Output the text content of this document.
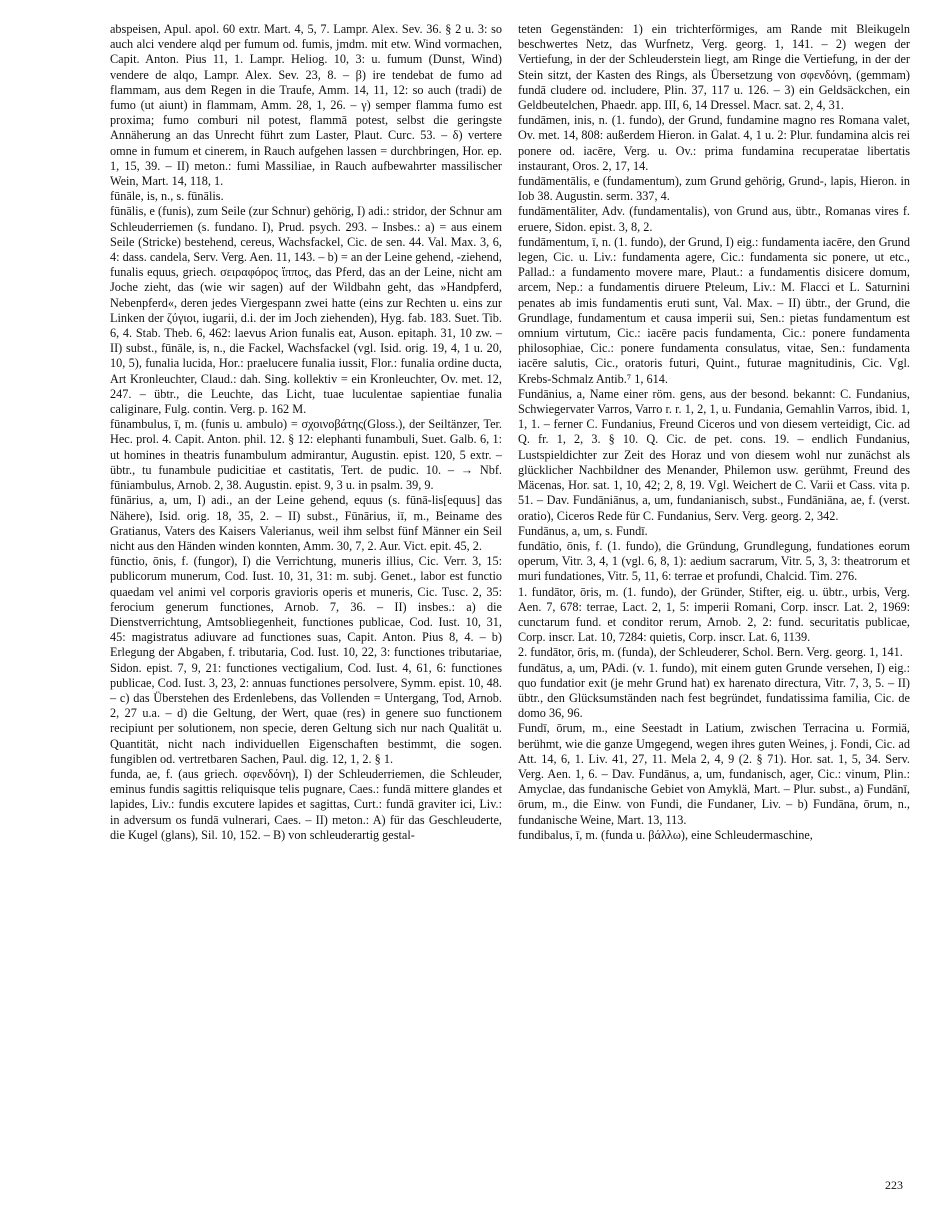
abspeisen, Apul. apol. 60 extr. Mart. 4, 5, 7. Lampr. Alex. Sev. 36. § 2 u. 3: so auch alci vendere alqd per fumum od. fumis, jmdm. mit etw. Wind vormachen, Capit. Anton. Pius 11, 1. Lampr. Heliog. 10, 3: u. fumum (Dunst, Wind) vendere de alqo, Lampr. Alex. Sev. 23, 8. – β) ire tendebat de fumo ad flammam, aus dem Regen in die Traufe, Amm. 14, 11, 12: so auch (tradi) de fumo (ut aiunt) in flammam, Amm. 28, 1, 26. – γ) semper flamma fumo est proxima; fumo comburi nil potest, flammā potest, selbst die geringste Annäherung an das Unrecht führt zum Laster, Plaut. Curc. 53. – δ) vertere omne in fumum et cinerem, in Rauch aufgehen lassen = durchbringen, Hor. ep. 1, 15, 39. – II) meton.: fumi Massiliae, in Rauch aufbewahrter massilischer Wein, Mart. 14, 118, 1.

fūnāle, is, n., s. fūnālis.

fūnālis, e (funis), zum Seile (zur Schnur) gehörig, I) adi.: stridor, der Schnur am Schleuderriemen (s. fundano. I), Prud. psych. 293. – Insbes.: a) = aus einem Seile (Stricke) bestehend, cereus, Wachsfackel, Cic. de sen. 44. Val. Max. 3, 6, 4: dass. candela, Serv. Verg. Aen. 11, 143. – b) = an der Leine gehend, -ziehend, funalis equus, griech. σειραφόρος ἵππος, das Pferd, das an der Leine, nicht am Joche zieht, das (wie wir sagen) auf der Wildbahn geht, das »Handpferd, Nebenpferd«, deren jedes Viergespann zwei hatte (eins zur Rechten u. eins zur Linken der ζύγιοι, iugarii, d.i. der im Joch ziehenden), Hyg. fab. 183. Suet. Tib. 6, 4. Stab. Theb. 6, 462: laevus Arion funalis eat, Auson. epitaph. 31, 10 zw. – II) subst., fūnāle, is, n., die Fackel, Wachsfackel (vgl. Isid. orig. 19, 4, 1 u. 20, 10, 5), funalia lucida, Hor.: praelucere funalia iussit, Flor.: funalia ordine ducta, Art Kronleuchter, Claud.: dah. Sing. kollektiv = ein Kronleuchter, Ov. met. 12, 247. – übtr., die Leuchte, das Licht, tuae luculentae sapientiae funalia caliginare, Fulg. contin. Verg. p. 162 M.

fūnambulus, ī, m. (funis u. ambulo) = σχοινοβάτης(Gloss.), der Seiltänzer, Ter. Hec. prol. 4. Capit. Anton. phil. 12. § 12: elephanti funambuli, Suet. Galb. 6, 1: ut homines in theatris funambulum admirantur, Augustin. epist. 120, 5 extr. – übtr., tu funambule pudicitiae et castitatis, Tert. de pudic. 10. – → Nbf. fūniambulus, Arnob. 2, 38. Augustin. epist. 9, 3 u. in psalm. 39, 9.

fūnārius, a, um, I) adi., an der Leine gehend, equus (s. fūnā-lis[equus] das Nähere), Isid. orig. 18, 35, 2. – II) subst., Fūnārius, iī, m., Beiname des Gratianus, Vaters des Kaisers Valerianus, weil ihm selbst fünf Männer ein Seil nicht aus den Händen winden konnten, Amm. 30, 7, 2. Aur. Vict. epit. 45, 2.

fūnctio, ōnis, f. (fungor), I) die Verrichtung, muneris illius, Cic. Verr. 3, 15: publicorum munerum, Cod. Iust. 10, 31, 31: m. subj. Genet., labor est functio quaedam vel animi vel corporis gravioris operis et muneris, Cic. Tusc. 2, 35: ferocium generum functiones, Arnob. 7, 36. – II) insbes.: a) die Dienstverrichtung, Amtsobliegenheit, functiones publicae, Cod. Iust. 10, 31, 45: magistratus adiuvare ad functiones suas, Capit. Anton. Pius 8, 4. – b) Erlegung der Abgaben, f. tributaria, Cod. Iust. 10, 22, 3: functiones tributariae, Sidon. epist. 7, 9, 21: functiones vectigalium, Cod. Iust. 4, 61, 6: functiones publicae, Cod. Iust. 3, 23, 2: annuas functiones persolvere, Symm. epist. 10, 48. – c) das Überstehen des Erdenlebens, das Vollenden = Untergang, Tod, Arnob. 2, 27 u.a. – d) die Geltung, der Wert, quae (res) in genere suo functionem recipiunt per solutionem, non specie, deren Geltung sich nur nach Qualität u. Quantität, nicht nach individuellen Eigenschaften bestimmt, die sogen. fungiblen od. vertretbaren Sachen, Paul. dig. 12, 1, 2. § 1.

funda, ae, f. (aus griech. σφενδόνη), I) der Schleuderriemen, die Schleuder, eminus fundis sagittis reliquisque telis pugnare, Caes.: fundā mittere glandes et lapides, Liv.: fundis excutere lapides et sagittas, Curt.: fundā graviter ici, Liv.: in adversum os fundā vulnerari, Caes. – II) meton.: A) für das Geschleuderte, die Kugel (glans), Sil. 10, 152. – B) von schleuderartig gestal-

teten Gegenständen: 1) ein trichterförmiges, am Rande mit Bleikugeln beschwertes Netz, das Wurfnetz, Verg. georg. 1, 141. – 2) wegen der Vertiefung, in der der Schleuderstein liegt, am Ringe die Vertiefung, in der der Stein sitzt, der Kasten des Rings, als Übersetzung von σφενδόνη, (gemmam) fundā cludere od. includere, Plin. 37, 117 u. 126. – 3) ein Geldsäckchen, ein Geldbeutelchen, Phaedr. app. III, 6, 14 Dressel. Macr. sat. 2, 4, 31.

fundāmen, inis, n. (1. fundo), der Grund, fundamine magno res Romana valet, Ov. met. 14, 808: außerdem Hieron. in Galat. 4, 1 u. 2: Plur. fundamina alcis rei ponere od. iacēre, Verg. u. Ov.: prima fundamina recuperatae libertatis instaurant, Oros. 2, 17, 14.

fundāmentālis, e (fundamentum), zum Grund gehörig, Grund-, lapis, Hieron. in Iob 38. Augustin. serm. 337, 4.

fundāmentāliter, Adv. (fundamentalis), von Grund aus, übtr., Romanas vires f. eruere, Sidon. epist. 3, 8, 2.

fundāmentum, ī, n. (1. fundo), der Grund, I) eig.: fundamenta iacēre, den Grund legen, Cic. u. Liv.: fundamenta agere, Cic.: fundamenta sic ponere, ut etc., Pallad.: a fundamento movere mare, Plaut.: a fundamentis disicere domum, arcem, Nep.: a fundamentis diruere Pteleum, Liv.: M. Flacci et L. Saturnini penates ab imis fundamentis eruti sunt, Val. Max. – II) übtr., der Grund, die Grundlage, fundamentum et causa imperii sui, Sen.: pietas fundamentum est omnium virtutum, Cic.: iacēre pacis fundamenta, Cic.: ponere fundamenta philosophiae, Cic.: ponere fundamenta consulatus, vitae, Sen.: fundamenta iacēre salutis, Cic., oratoris futuri, Quint., futurae magnitudinis, Cic. Vgl. Krebs-Schmalz Antib.⁷ 1, 614.

Fundānius, a, Name einer röm. gens, aus der besond. bekannt: C. Fundanius, Schwiegervater Varros, Varro r. r. 1, 2, 1, u. Fundania, Gemahlin Varros, ibid. 1, 1, 1. – ferner C. Fundanius, Freund Ciceros und von diesem verteidigt, Cic. ad Q. fr. 1, 2, 3. § 10. Q. Cic. de pet. cons. 19. – endlich Fundanius, Lustspieldichter zur Zeit des Horaz und von diesem wohl nur zunächst als glücklicher Nachbildner des Menander, Philemon usw. gerühmt, Freund des Mäcenas, Hor. sat. 1, 10, 42; 2, 8, 19. Vgl. Weichert de C. Varii et Cass. vita p. 51. – Dav. Fundāniānus, a, um, fundanianisch, subst., Fundāniāna, ae, f. (verst. oratio), Ciceros Rede für C. Fundanius, Serv. Verg. georg. 2, 342.

Fundānus, a, um, s. Fundī.

fundātio, ōnis, f. (1. fundo), die Gründung, Grundlegung, fundationes eorum operum, Vitr. 3, 4, 1 (vgl. 6, 8, 1): aedium sacrarum, Vitr. 5, 3, 3: theatrorum et muri fundationes, Vitr. 5, 11, 6: terrae et profundi, Chalcid. Tim. 276.

1. fundātor, ōris, m. (1. fundo), der Gründer, Stifter, eig. u. übtr., urbis, Verg. Aen. 7, 678: terrae, Lact. 2, 1, 5: imperii Romani, Corp. inscr. Lat. 2, 1969: cunctarum fund. et conditor rerum, Arnob. 2, 2: fund. securitatis publicae, Corp. inscr. Lat. 10, 7284: quietis, Corp. inscr. Lat. 6, 1139.

2. fundātor, ōris, m. (funda), der Schleuderer, Schol. Bern. Verg. georg. 1, 141.

fundātus, a, um, PAdi. (v. 1. fundo), mit einem guten Grunde versehen, I) eig.: quo fundatior exit (je mehr Grund hat) ex harenato directura, Vitr. 7, 3, 5. – II) übtr., den Glücksumständen nach fest begründet, fundatissima familia, Cic. de domo 36, 96.

Fundī, ōrum, m., eine Seestadt in Latium, zwischen Terracina u. Formiä, berühmt, wie die ganze Umgegend, wegen ihres guten Weines, j. Fondi, Cic. ad Att. 14, 6, 1. Liv. 41, 27, 11. Mela 2, 4, 9 (2. § 71). Hor. sat. 1, 5, 34. Serv. Verg. Aen. 1, 6. – Dav. Fundānus, a, um, fundanisch, ager, Cic.: vinum, Plin.: Amyclae, das fundanische Gebiet von Amyklä, Mart. – Plur. subst., a) Fundānī, ōrum, m., die Einw. von Fundi, die Fundaner, Liv. – b) Fundāna, ōrum, n., fundanische Weine, Mart. 13, 113.

fundibalus, ī, m. (funda u. βάλλω), eine Schleudermaschine,

223
